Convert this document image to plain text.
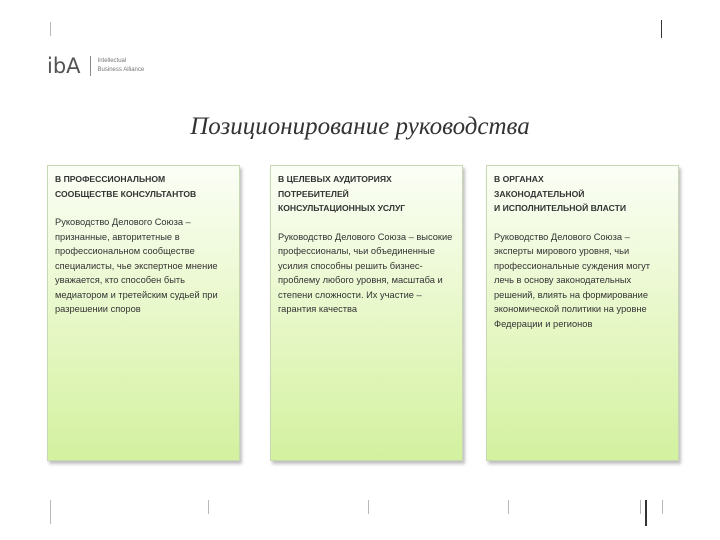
ibA	Intellectual
Business Alliance
Позиционирование руководства
В ПРОФЕССИОНАЛЬНОМ
СООБЩЕСТВЕ КОНСУЛЬТАНТОВ
Руководство Делового Союза – признанные, авторитетные в профессиональном сообществе специалисты, чье экспертное мнение уважается, кто способен быть медиатором и третейским судьей при разрешении споров
В ЦЕЛЕВЫХ АУДИТОРИЯХ
ПОТРЕБИТЕЛЕЙ
КОНСУЛЬТАЦИОННЫХ УСЛУГ
Руководство Делового Союза – высокие профессионалы, чьи объединенные усилия способны решить бизнес-проблему любого уровня, масштаба и степени сложности. Их участие – гарантия качества
В ОРГАНАХ
ЗАКОНОДАТЕЛЬНОЙ
И ИСПОЛНИТЕЛЬНОЙ ВЛАСТИ
Руководство Делового Союза – эксперты мирового уровня, чьи профессиональные суждения могут лечь в основу законодательных решений, влиять на формирование экономической политики на уровне Федерации и регионов
